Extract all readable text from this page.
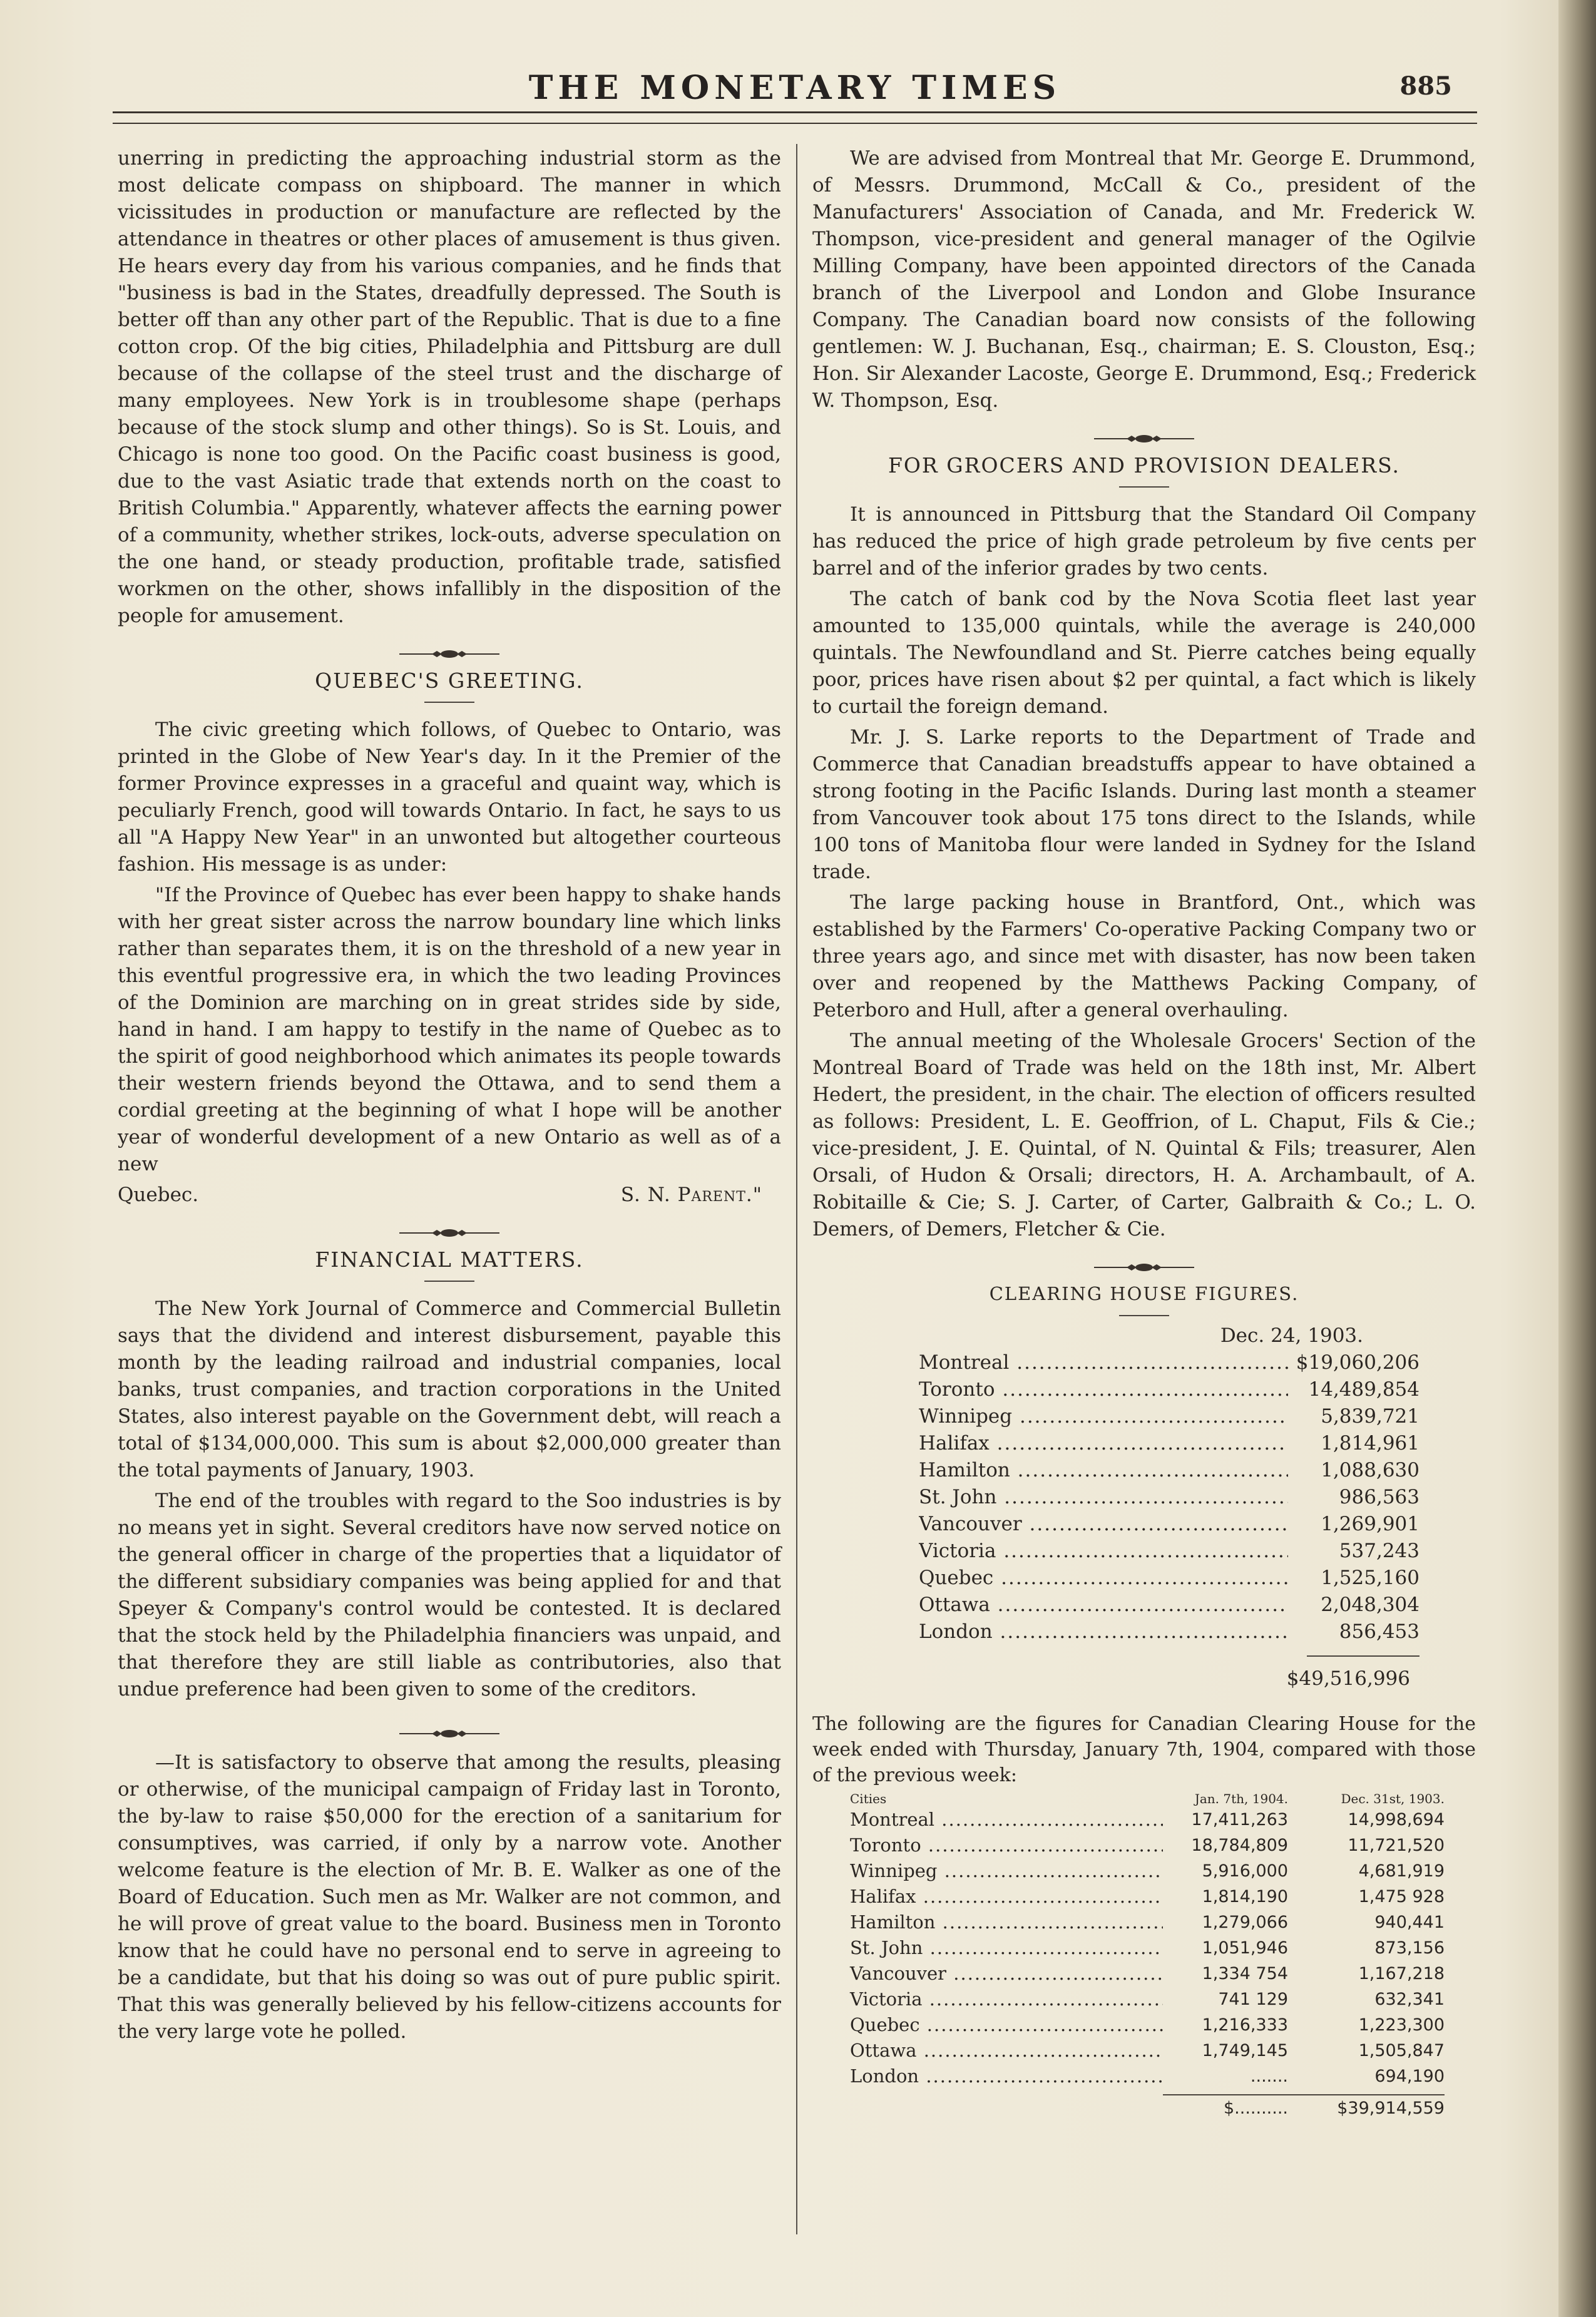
THE MONETARY TIMES	885

unerring in predicting the approaching industrial storm as the most delicate compass on shipboard. The manner in which vicissitudes in production or manufacture are reflected by the attendance in theatres or other places of amusement is thus given. He hears every day from his various companies, and he finds that "business is bad in the States, dreadfully depressed. The South is better off than any other part of the Republic. That is due to a fine cotton crop. Of the big cities, Philadelphia and Pittsburg are dull because of the collapse of the steel trust and the discharge of many employees. New York is in troublesome shape (perhaps because of the stock slump and other things). So is St. Louis, and Chicago is none too good. On the Pacific coast business is good, due to the vast Asiatic trade that extends north on the coast to British Columbia." Apparently, whatever affects the earning power of a community, whether strikes, lock-outs, adverse speculation on the one hand, or steady production, profitable trade, satisfied workmen on the other, shows infallibly in the disposition of the people for amusement.

QUEBEC'S GREETING.

The civic greeting which follows, of Quebec to Ontario, was printed in the Globe of New Year's day. In it the Premier of the former Province expresses in a graceful and quaint way, which is peculiarly French, good will towards Ontario. In fact, he says to us all "A Happy New Year" in an unwonted but altogether courteous fashion. His message is as under:

"If the Province of Quebec has ever been happy to shake hands with her great sister across the narrow boundary line which links rather than separates them, it is on the threshold of a new year in this eventful progressive era, in which the two leading Provinces of the Dominion are marching on in great strides side by side, hand in hand. I am happy to testify in the name of Quebec as to the spirit of good neighborhood which animates its people towards their western friends beyond the Ottawa, and to send them a cordial greeting at the beginning of what I hope will be another year of wonderful development of a new Ontario as well as of a new

Quebec.	S. N. Parent."
FINANCIAL MATTERS.

The New York Journal of Commerce and Commercial Bulletin says that the dividend and interest disbursement, payable this month by the leading railroad and industrial companies, local banks, trust companies, and traction corporations in the United States, also interest payable on the Government debt, will reach a total of $134,000,000. This sum is about $2,000,000 greater than the total payments of January, 1903.

The end of the troubles with regard to the Soo industries is by no means yet in sight. Several creditors have now served notice on the general officer in charge of the properties that a liquidator of the different subsidiary companies was being applied for and that Speyer & Company's control would be contested. It is declared that the stock held by the Philadelphia financiers was unpaid, and that therefore they are still liable as contributories, also that undue preference had been given to some of the creditors.

—It is satisfactory to observe that among the results, pleasing or otherwise, of the municipal campaign of Friday last in Toronto, the by-law to raise $50,000 for the erection of a sanitarium for consumptives, was carried, if only by a narrow vote. Another welcome feature is the election of Mr. B. E. Walker as one of the Board of Education. Such men as Mr. Walker are not common, and he will prove of great value to the board. Business men in Toronto know that he could have no personal end to serve in agreeing to be a candidate, but that his doing so was out of pure public spirit. That this was generally believed by his fellow-citizens accounts for the very large vote he polled.

We are advised from Montreal that Mr. George E. Drummond, of Messrs. Drummond, McCall & Co., president of the Manufacturers' Association of Canada, and Mr. Frederick W. Thompson, vice-president and general manager of the Ogilvie Milling Company, have been appointed directors of the Canada branch of the Liverpool and London and Globe Insurance Company. The Canadian board now consists of the following gentlemen: W. J. Buchanan, Esq., chairman; E. S. Clouston, Esq.; Hon. Sir Alexander Lacoste, George E. Drummond, Esq.; Frederick W. Thompson, Esq.

FOR GROCERS AND PROVISION DEALERS.

It is announced in Pittsburg that the Standard Oil Company has reduced the price of high grade petroleum by five cents per barrel and of the inferior grades by two cents.

The catch of bank cod by the Nova Scotia fleet last year amounted to 135,000 quintals, while the average is 240,000 quintals. The Newfoundland and St. Pierre catches being equally poor, prices have risen about $2 per quintal, a fact which is likely to curtail the foreign demand.

Mr. J. S. Larke reports to the Department of Trade and Commerce that Canadian breadstuffs appear to have obtained a strong footing in the Pacific Islands. During last month a steamer from Vancouver took about 175 tons direct to the Islands, while 100 tons of Manitoba flour were landed in Sydney for the Island trade.

The large packing house in Brantford, Ont., which was established by the Farmers' Co-operative Packing Company two or three years ago, and since met with disaster, has now been taken over and reopened by the Matthews Packing Company, of Peterboro and Hull, after a general overhauling.

The annual meeting of the Wholesale Grocers' Section of the Montreal Board of Trade was held on the 18th inst, Mr. Albert Hedert, the president, in the chair. The election of officers resulted as follows: President, L. E. Geoffrion, of L. Chaput, Fils & Cie.; vice-president, J. E. Quintal, of N. Quintal & Fils; treasurer, Alen Orsali, of Hudon & Orsali; directors, H. A. Archambault, of A. Robitaille & Cie; S. J. Carter, of Carter, Galbraith & Co.; L. O. Demers, of Demers, Fletcher & Cie.

CLEARING HOUSE FIGURES.
Dec. 24, 1903.
Montreal .....	$19,060,206
Toronto .....	14,489,854
Winnipeg .....	5,839,721
Halifax .....	1,814,961
Hamilton .....	1,088,630
St. John .....	986,563
Vancouver .....	1,269,901
Victoria .....	537,243
Quebec .....	1,525,160
Ottawa .....	2,048,304
London .....	856,453
$49,516,996

The following are the figures for Canadian Clearing House for the week ended with Thursday, January 7th, 1904, compared with those of the previous week:

Cities	Jan. 7th, 1904.	Dec. 31st, 1903.
Montreal .....	17,411,263	14,998,694
Toronto .....	18,784,809	11,721,520
Winnipeg .....	5,916,000	4,681,919
Halifax .....	1,814,190	1,475 928
Hamilton .....	1,279,066	940,441
St. John .....	1,051,946	873,156
Vancouver .....	1,334 754	1,167,218
Victoria .....	741 129	632,341
Quebec .....	1,216,333	1,223,300
Ottawa .....	1,749,145	1,505,847
London .....	.......	694,190
$..........	$39,914,559
